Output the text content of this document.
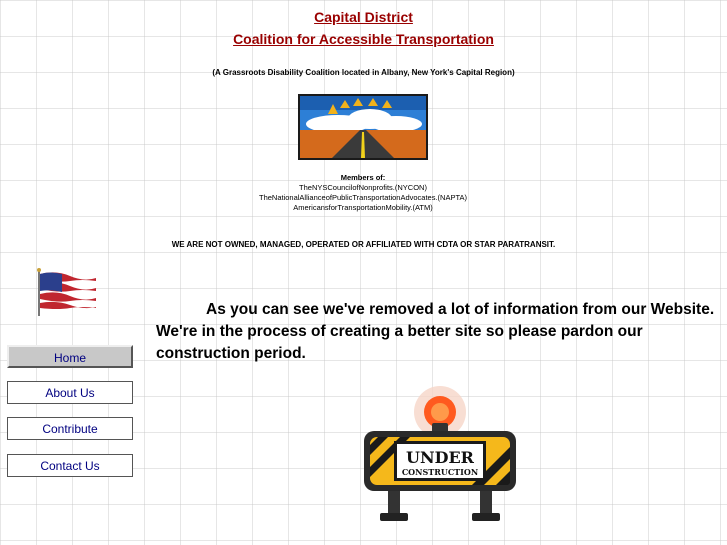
Capital District
Coalition for Accessible Transportation
(A Grassroots Disability Coalition located in Albany, New York's Capital Region)
Members of:
TheNYSCouncilofNonprofits.(NYCON)
TheNationalAllianceofPublicTransportationAdvocates.(NAPTA)
AmericansforTransportationMobility.(ATM)
WE ARE NOT OWNED, MANAGED, OPERATED OR AFFILIATED WITH CDTA OR STAR PARATRANSIT.
Home
About Us
Contribute
Contact Us
As you can see we've removed a lot of information from our Website. We're in the process of creating a better site so please pardon our construction period.
UNDER
CONSTRUCTION
